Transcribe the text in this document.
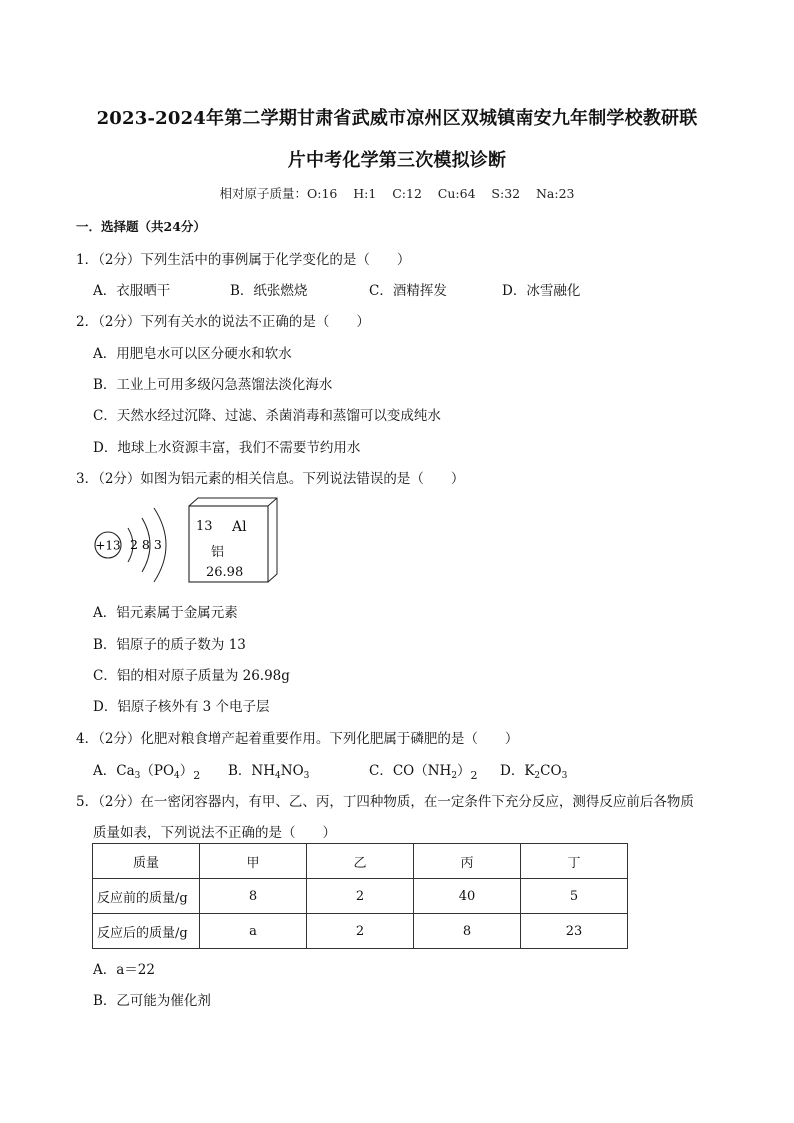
2023-2024年第二学期甘肃省武威市凉州区双城镇南安九年制学校教研联
片中考化学第三次模拟诊断
相对原子质量：O:16    H:1    C:12    Cu:64    S:32    Na:23
一．选择题（共24分）
1．（2分）下列生活中的事例属于化学变化的是（　　）
A．衣服晒干	B．纸张燃烧	C．酒精挥发	D．冰雪融化
2．（2分）下列有关水的说法不正确的是（　　）
A．用肥皂水可以区分硬水和软水
B．工业上可用多级闪急蒸馏法淡化海水
C．天然水经过沉降、过滤、杀菌消毒和蒸馏可以变成纯水
D．地球上水资源丰富，我们不需要节约用水
3．（2分）如图为铝元素的相关信息。下列说法错误的是（　　）
+13 2 8 3
13 Al
铝
26.98
A．铝元素属于金属元素
B．铝原子的质子数为 13
C．铝的相对原子质量为 26.98g
D．铝原子核外有 3 个电子层
4．（2分）化肥对粮食增产起着重要作用。下列化肥属于磷肥的是（　　）
A．$Ca_3(PO_4)_2$ B．$NH_4NO_3$	C．$CO(NH_2)_2$ D．$K_2CO_3$
5．（2分）在一密闭容器内，有甲、乙、丙，丁四种物质，在一定条件下充分反应，测得反应前后各物质
质量如表，下列说法不正确的是（　　）
质量	甲	乙	丙	丁
反应前的质量/g	8	2	40	5
反应后的质量/g	a	2	8	23
A．a＝22
B．乙可能为催化剂
